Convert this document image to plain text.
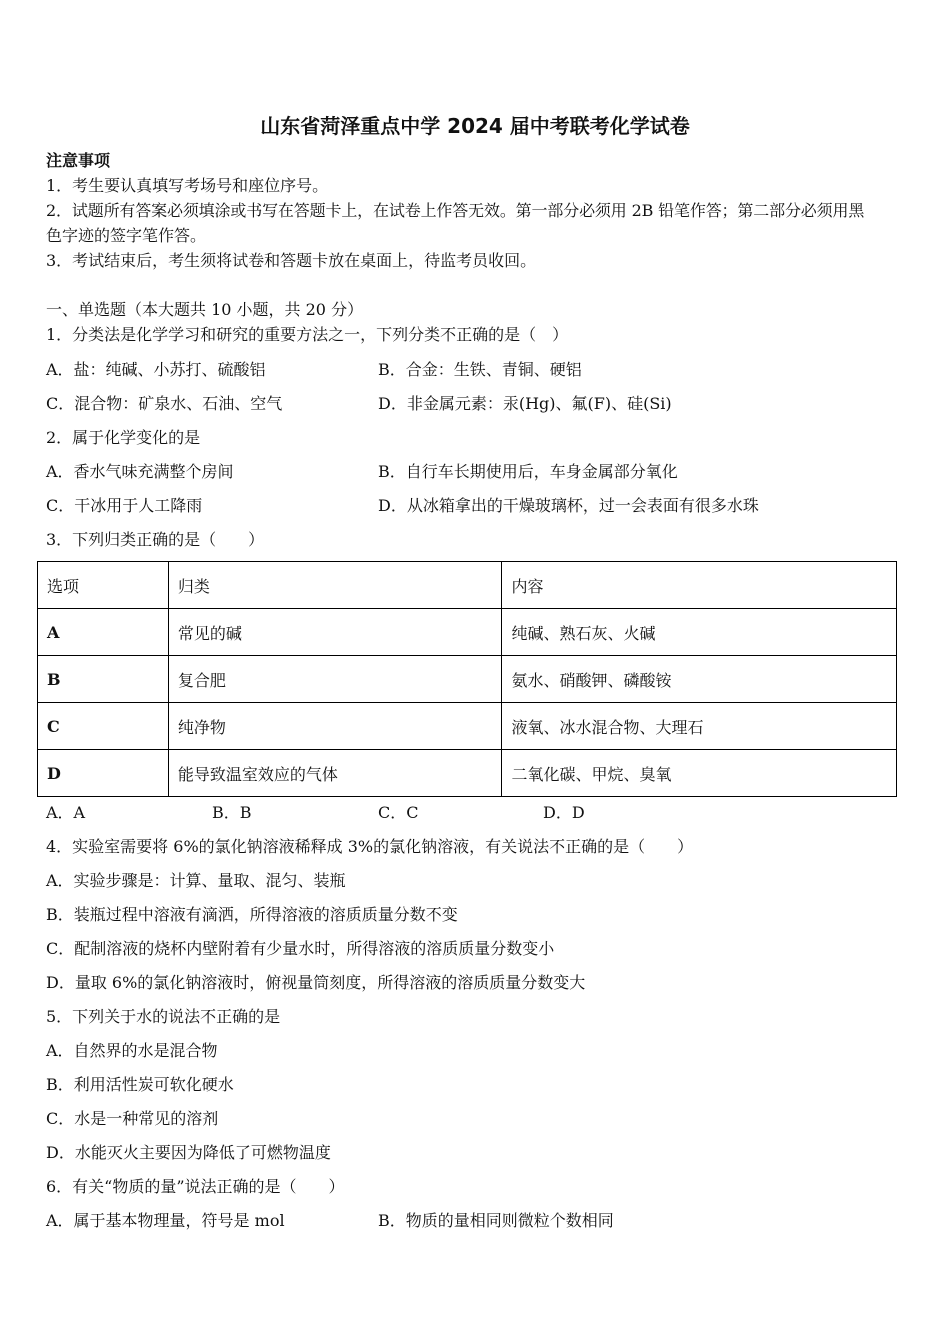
山东省菏泽重点中学 2024 届中考联考化学试卷
注意事项
1．考生要认真填写考场号和座位序号。
2．试题所有答案必须填涂或书写在答题卡上，在试卷上作答无效。第一部分必须用 2B 铅笔作答；第二部分必须用黑
色字迹的签字笔作答。
3．考试结束后，考生须将试卷和答题卡放在桌面上，待监考员收回。
一、单选题（本大题共 10 小题，共 20 分）
1．分类法是化学学习和研究的重要方法之一，下列分类不正确的是（　）
A．盐：纯碱、小苏打、硫酸铝	B．合金：生铁、青铜、硬铝
C．混合物：矿泉水、石油、空气	D．非金属元素：汞(Hg)、氟(F)、硅(Si)
2．属于化学变化的是
A．香水气味充满整个房间	B．自行车长期使用后，车身金属部分氧化
C．干冰用于人工降雨	D．从冰箱拿出的干燥玻璃杯，过一会表面有很多水珠
3．下列归类正确的是（　　）
选项	归类	内容
A	常见的碱	纯碱、熟石灰、火碱
B	复合肥	氨水、硝酸钾、磷酸铵
C	纯净物	液氧、冰水混合物、大理石
D	能导致温室效应的气体	二氧化碳、甲烷、臭氧
A．A	B．B	C．C	D．D
4．实验室需要将 6%的氯化钠溶液稀释成 3%的氯化钠溶液，有关说法不正确的是（　　）
A．实验步骤是：计算、量取、混匀、装瓶
B．装瓶过程中溶液有滴洒，所得溶液的溶质质量分数不变
C．配制溶液的烧杯内壁附着有少量水时，所得溶液的溶质质量分数变小
D．量取 6%的氯化钠溶液时，俯视量筒刻度，所得溶液的溶质质量分数变大
5．下列关于水的说法不正确的是
A．自然界的水是混合物
B．利用活性炭可软化硬水
C．水是一种常见的溶剂
D．水能灭火主要因为降低了可燃物温度
6．有关“物质的量”说法正确的是（　　）
A．属于基本物理量，符号是 mol	B．物质的量相同则微粒个数相同
